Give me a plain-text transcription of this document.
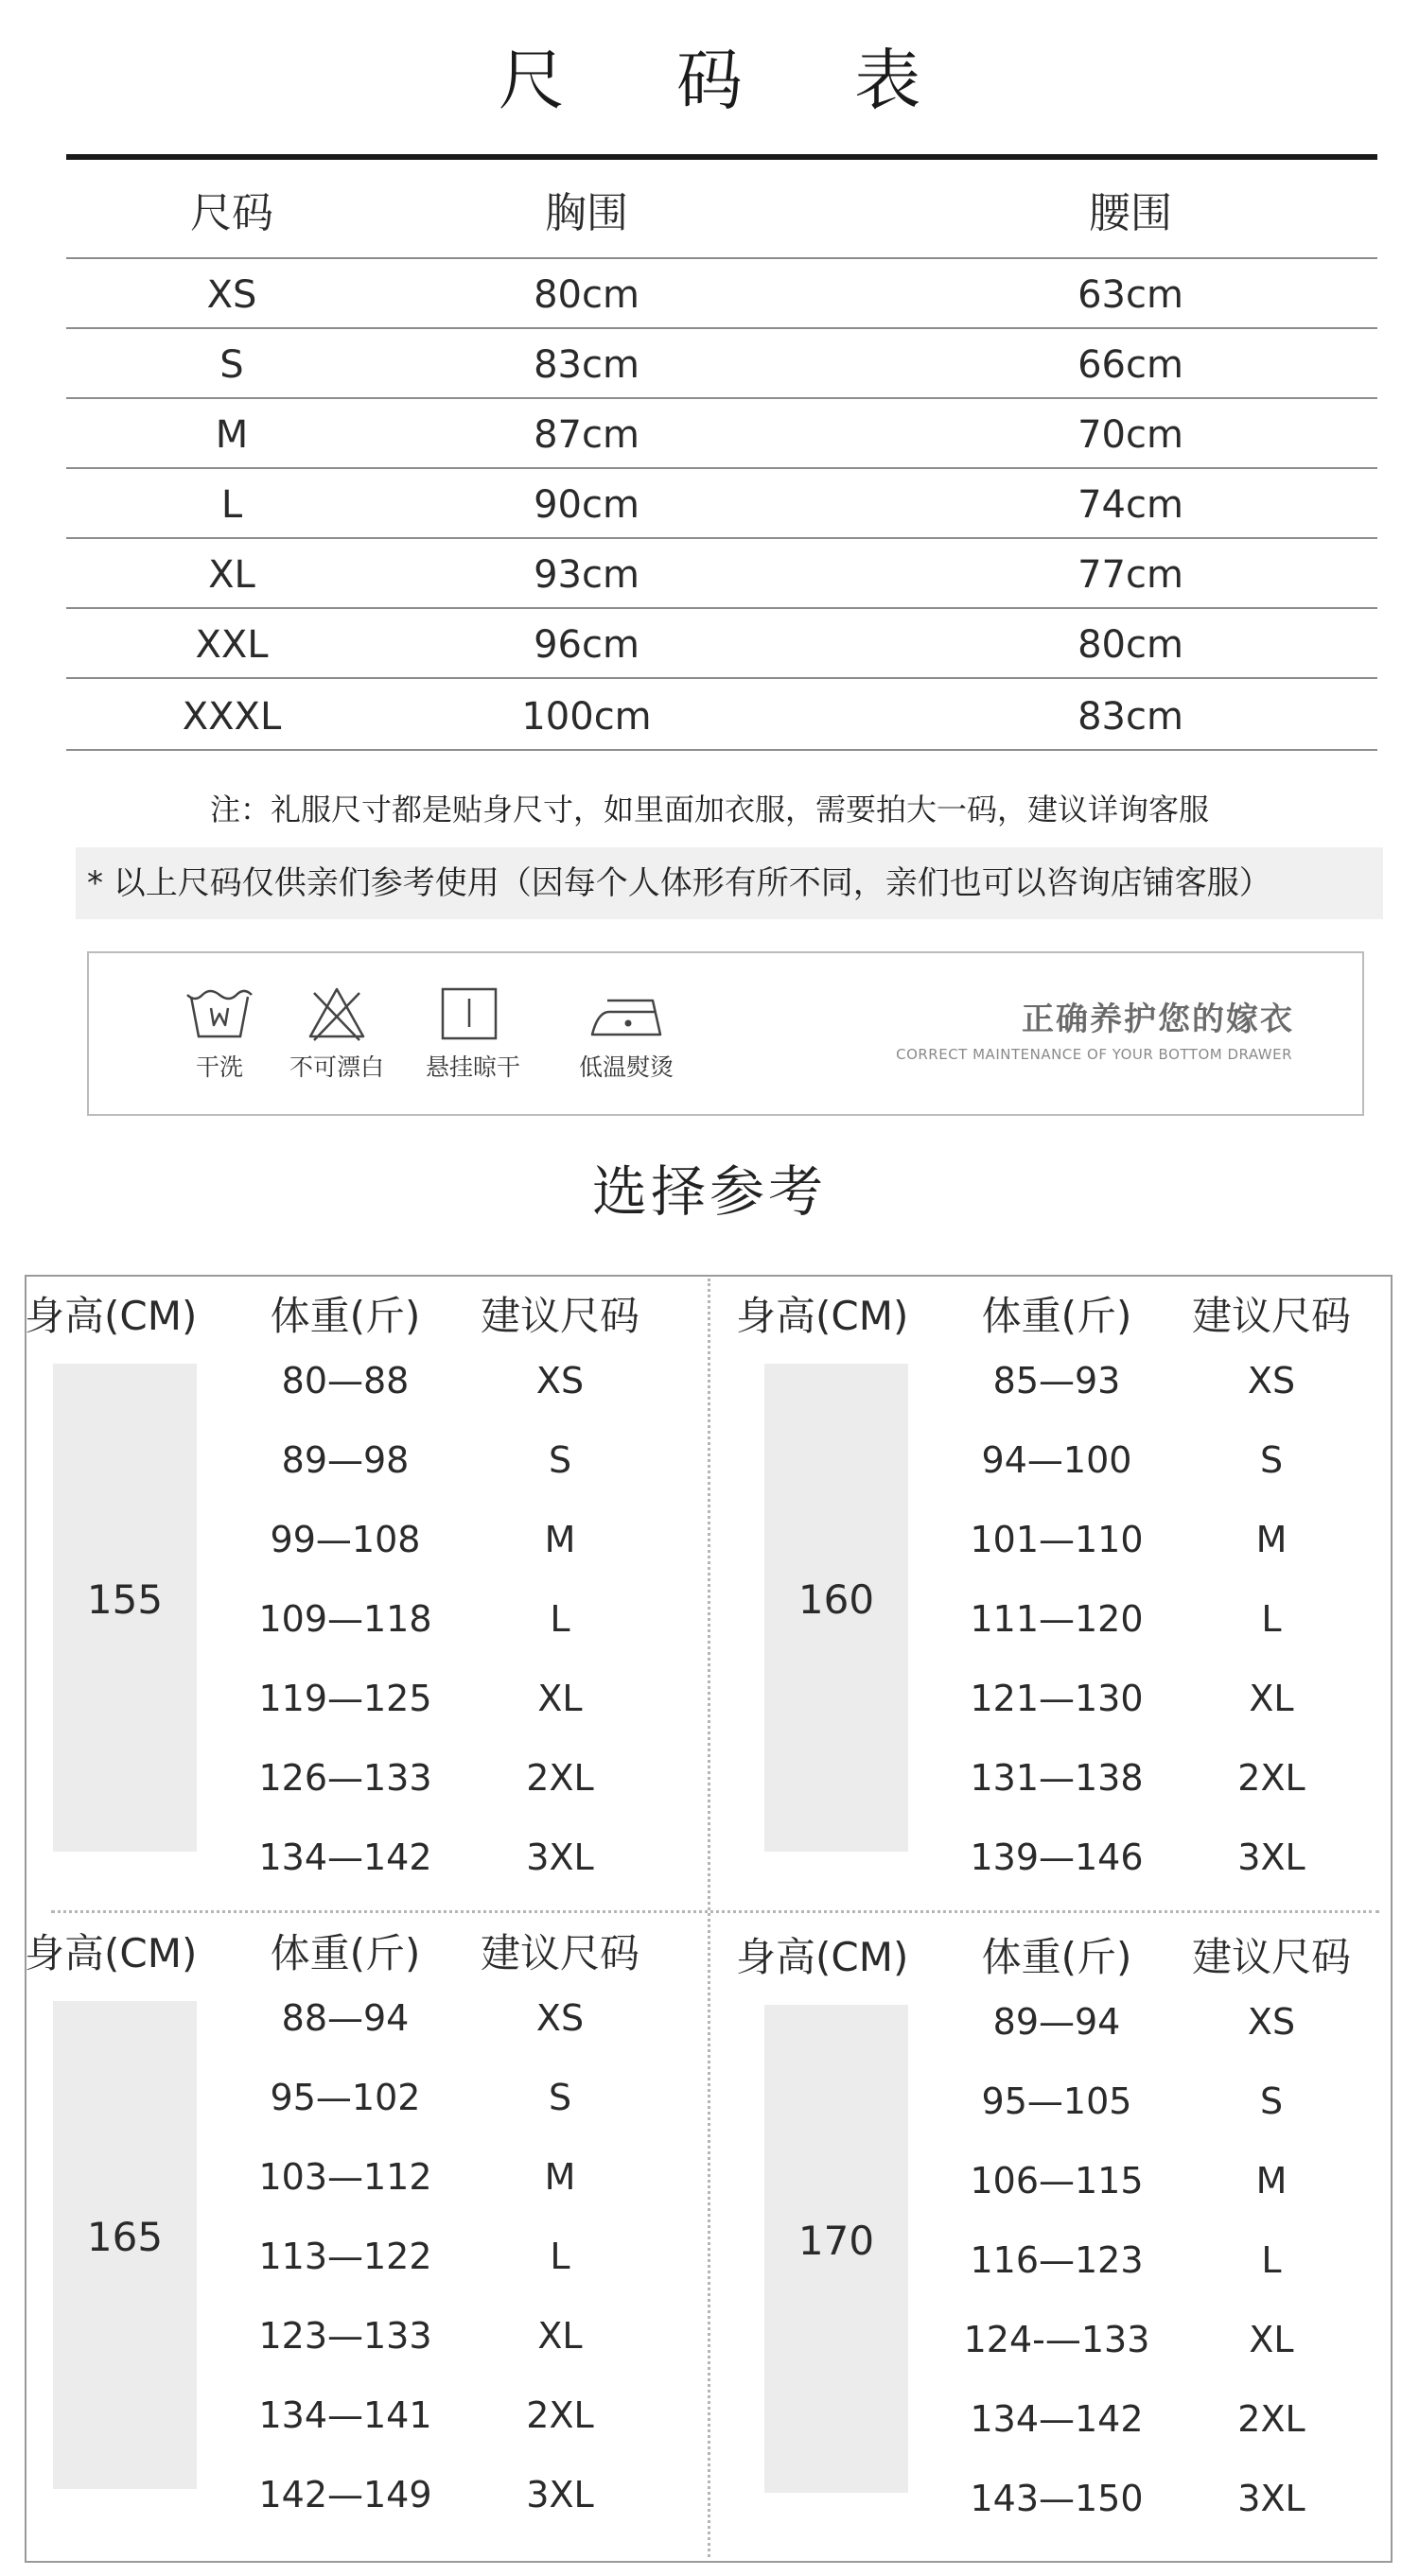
尺 码 表
尺码	胸围	腰围
XS	80cm	63cm
S	83cm	66cm
M	87cm	70cm
L	90cm	74cm
XL	93cm	77cm
XXL	96cm	80cm
XXXL	100cm	83cm
注：礼服尺寸都是贴身尺寸，如里面加衣服，需要拍大一码，建议详询客服
* 以上尺码仅供亲们参考使用（因每个人体形有所不同，亲们也可以咨询店铺客服）
干洗	不可漂白	悬挂晾干	低温熨烫
正确养护您的嫁衣
CORRECT MAINTENANCE OF YOUR BOTTOM DRAWER
选择参考
身高(CM)	体重(斤)	建议尺码
155
80—88	XS
89—98	S
99—108	M
109—118	L
119—125	XL
126—133	2XL
134—142	3XL
身高(CM)	体重(斤)	建议尺码
160
85—93	XS
94—100	S
101—110	M
111—120	L
121—130	XL
131—138	2XL
139—146	3XL
身高(CM)	体重(斤)	建议尺码
165
88—94	XS
95—102	S
103—112	M
113—122	L
123—133	XL
134—141	2XL
142—149	3XL
身高(CM)	体重(斤)	建议尺码
170
89—94	XS
95—105	S
106—115	M
116—123	L
124-—133	XL
134—142	2XL
143—150	3XL
